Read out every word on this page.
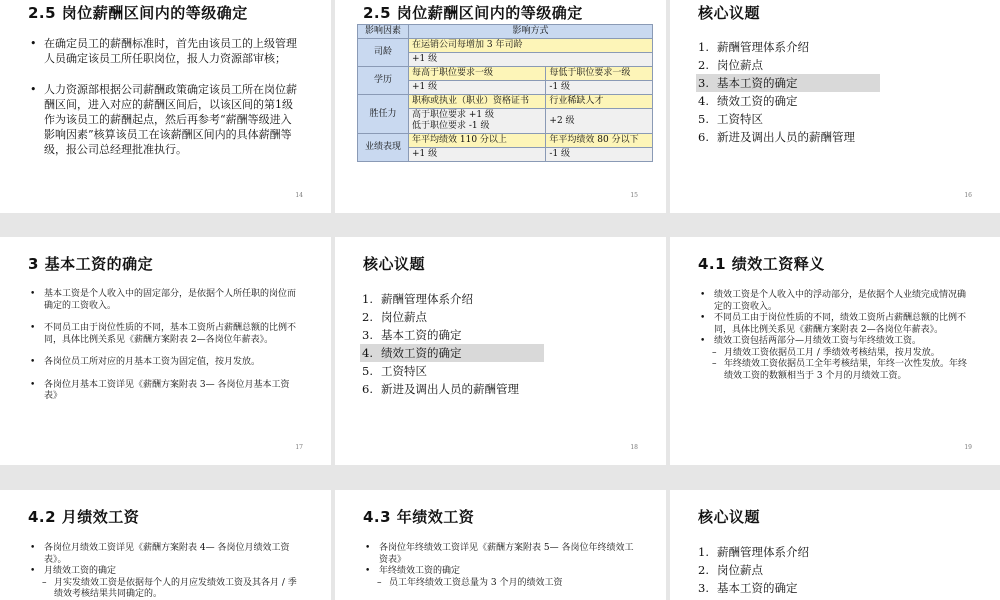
2.5 岗位薪酬区间内的等级确定
• 在确定员工的薪酬标准时，首先由该员工的上级管理人员确定该员工所任职岗位，报人力资源部审核；
• 人力资源部根据公司薪酬政策确定该员工所在岗位薪酬区间，进入对应的薪酬区间后，以该区间的第1级作为该员工的薪酬起点，然后再参考“薪酬等级进入影响因素”核算该员工在该薪酬区间内的具体薪酬等级，报公司总经理批准执行。
14
2.5 岗位薪酬区间内的等级确定
影响因素	影响方式	
司龄	在运销公司每增加 3 年司龄	
	+1 级	
学历	每高于职位要求一级	每低于职位要求一级
	+1 级	-1 级
胜任力	职称或执业（职业）资格证书	行业稀缺人才
	高于职位要求 +1 级
低于职位要求 -1 级	+2 级
业绩表现	年平均绩效 110 分以上	年平均绩效 80 分以下
	+1 级	-1 级
15
核心议题
1. 薪酬管理体系介绍
2. 岗位薪点
3. 基本工资的确定
4. 绩效工资的确定
5. 工资特区
6. 新进及调出人员的薪酬管理
16
3 基本工资的确定
• 基本工资是个人收入中的固定部分，是依据个人所任职的岗位而确定的工资收入。
• 不同员工由于岗位性质的不同，基本工资所占薪酬总额的比例不同，具体比例关系见《薪酬方案附表 2—各岗位年薪表》。
• 各岗位员工所对应的月基本工资为固定值，按月发放。
• 各岗位月基本工资详见《薪酬方案附表 3— 各岗位月基本工资表》
17
核心议题
1. 薪酬管理体系介绍
2. 岗位薪点
3. 基本工资的确定
4. 绩效工资的确定
5. 工资特区
6. 新进及调出人员的薪酬管理
18
4.1 绩效工资释义
• 绩效工资是个人收入中的浮动部分，是依据个人业绩完成情况确定的工资收入。
• 不同员工由于岗位性质的不同，绩效工资所占薪酬总额的比例不同，具体比例关系见《薪酬方案附表 2—各岗位年薪表》。
• 绩效工资包括两部分—月绩效工资与年终绩效工资。
– 月绩效工资依据员工月 / 季绩效考核结果，按月发放。
– 年终绩效工资依据员工全年考核结果，年终一次性发放。年终绩效工资的数额相当于 3 个月的月绩效工资。
19
4.2 月绩效工资
• 各岗位月绩效工资详见《薪酬方案附表 4— 各岗位月绩效工资表》。
• 月绩效工资的确定
– 月实发绩效工资是依据每个人的月应发绩效工资及其各月 / 季绩效考核结果共同确定的。
4.3 年绩效工资
• 各岗位年终绩效工资详见《薪酬方案附表 5— 各岗位年终绩效工资表》
• 年终绩效工资的确定
– 员工年终绩效工资总量为 3 个月的绩效工资
核心议题
1. 薪酬管理体系介绍
2. 岗位薪点
3. 基本工资的确定
